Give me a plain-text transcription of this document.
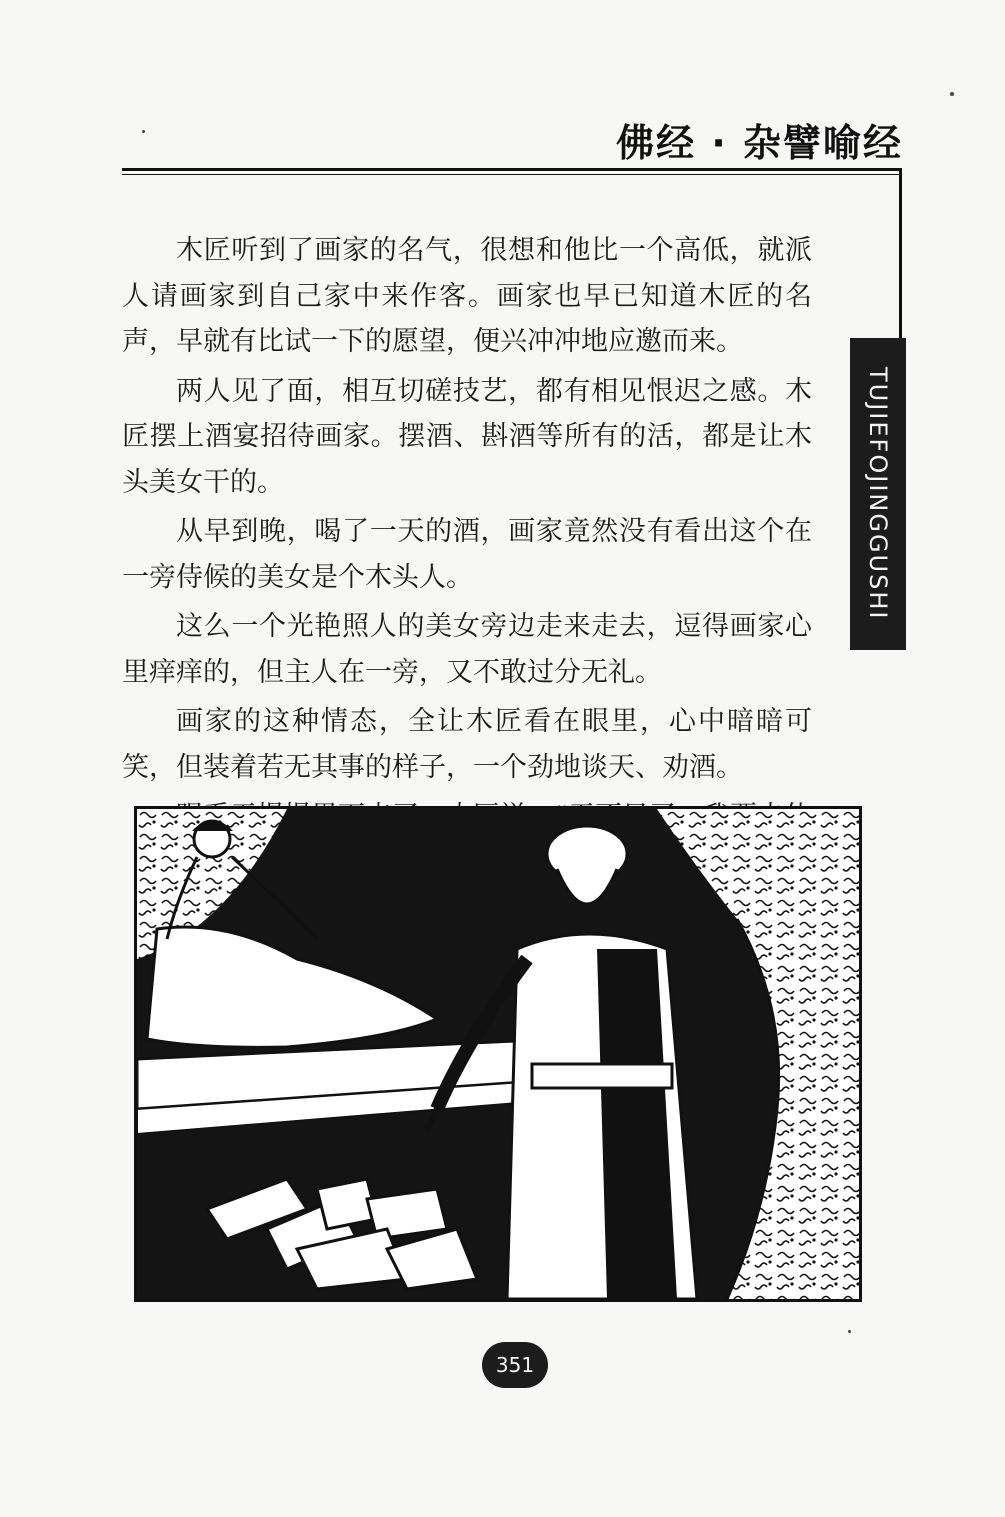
佛经 · 杂譬喻经
TUJIEFOJINGGUSHI

木匠听到了画家的名气，很想和他比一个高低，就派人请画家到自己家中来作客。画家也早已知道木匠的名声，早就有比试一下的愿望，便兴冲冲地应邀而来。

两人见了面，相互切磋技艺，都有相见恨迟之感。木匠摆上酒宴招待画家。摆酒、斟酒等所有的活，都是让木头美女干的。

从早到晚，喝了一天的酒，画家竟然没有看出这个在一旁侍候的美女是个木头人。

这么一个光艳照人的美女旁边走来走去，逗得画家心里痒痒的，但主人在一旁，又不敢过分无礼。

画家的这种情态，全让木匠看在眼里，心中暗暗可笑，但装着若无其事的样子，一个劲地谈天、劝酒。

351
